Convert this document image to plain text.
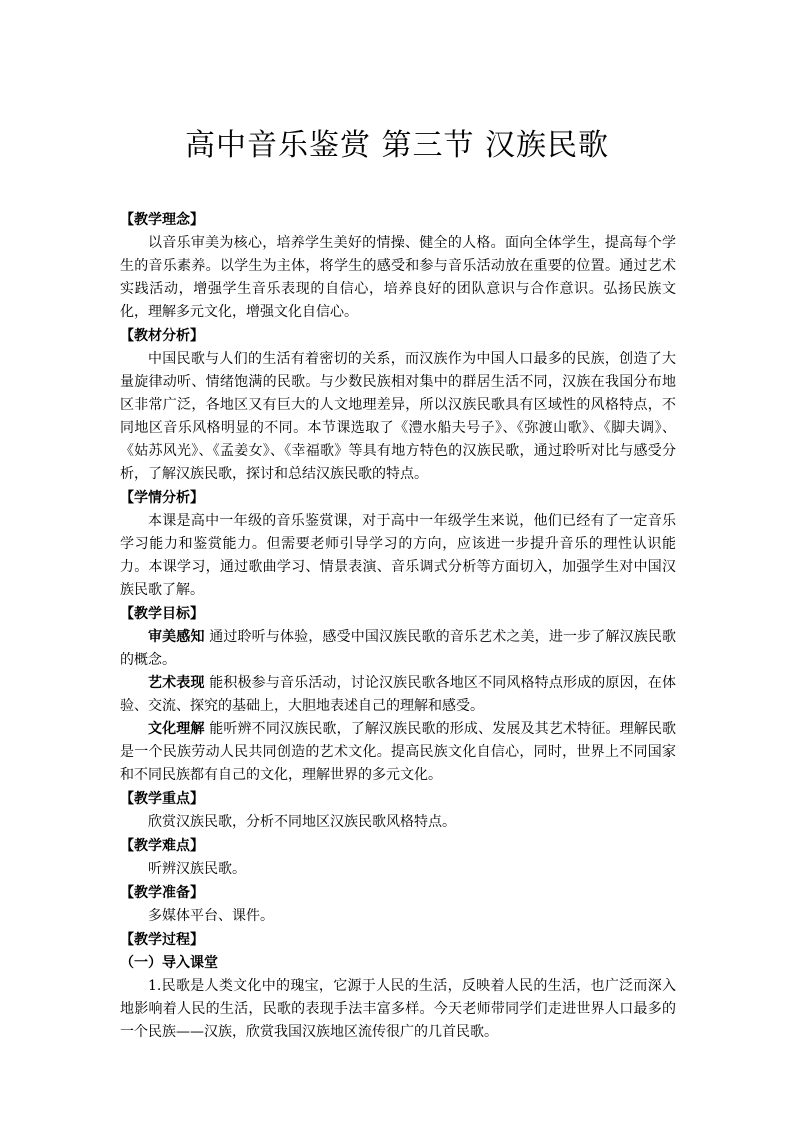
高中音乐鉴赏 第三节 汉族民歌
【教学理念】
以音乐审美为核心，培养学生美好的情操、健全的人格。面向全体学生，提高每个学生的音乐素养。以学生为主体，将学生的感受和参与音乐活动放在重要的位置。通过艺术实践活动，增强学生音乐表现的自信心，培养良好的团队意识与合作意识。弘扬民族文化，理解多元文化，增强文化自信心。
【教材分析】
中国民歌与人们的生活有着密切的关系，而汉族作为中国人口最多的民族，创造了大量旋律动听、情绪饱满的民歌。与少数民族相对集中的群居生活不同，汉族在我国分布地区非常广泛，各地区又有巨大的人文地理差异，所以汉族民歌具有区域性的风格特点，不同地区音乐风格明显的不同。本节课选取了《澧水船夫号子》、《弥渡山歌》、《脚夫调》、《姑苏风光》、《孟姜女》、《幸福歌》等具有地方特色的汉族民歌，通过聆听对比与感受分析，了解汉族民歌，探讨和总结汉族民歌的特点。
【学情分析】
本课是高中一年级的音乐鉴赏课，对于高中一年级学生来说，他们已经有了一定音乐学习能力和鉴赏能力。但需要老师引导学习的方向，应该进一步提升音乐的理性认识能力。本课学习，通过歌曲学习、情景表演、音乐调式分析等方面切入，加强学生对中国汉族民歌了解。
【教学目标】
审美感知 通过聆听与体验，感受中国汉族民歌的音乐艺术之美，进一步了解汉族民歌的概念。
艺术表现 能积极参与音乐活动，讨论汉族民歌各地区不同风格特点形成的原因，在体验、交流、探究的基础上，大胆地表述自己的理解和感受。
文化理解 能听辨不同汉族民歌，了解汉族民歌的形成、发展及其艺术特征。理解民歌是一个民族劳动人民共同创造的艺术文化。提高民族文化自信心，同时，世界上不同国家和不同民族都有自己的文化，理解世界的多元文化。
【教学重点】
欣赏汉族民歌，分析不同地区汉族民歌风格特点。
【教学难点】
听辨汉族民歌。
【教学准备】
多媒体平台、课件。
【教学过程】
（一）导入课堂
1.民歌是人类文化中的瑰宝，它源于人民的生活，反映着人民的生活，也广泛而深入地影响着人民的生活，民歌的表现手法丰富多样。今天老师带同学们走进世界人口最多的一个民族——汉族，欣赏我国汉族地区流传很广的几首民歌。
